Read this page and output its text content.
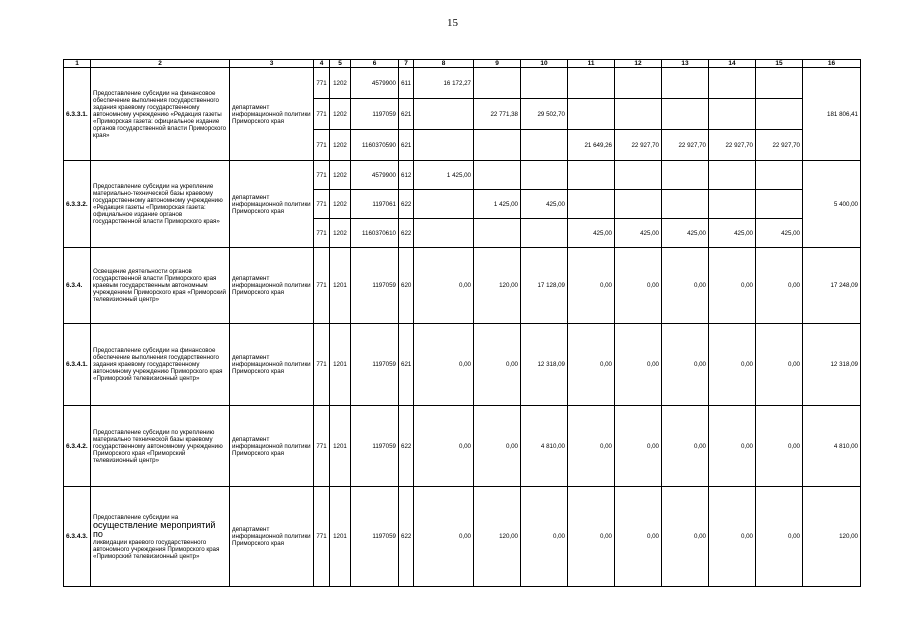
15
1	2	3	4	5	6	7	8	9	10	11	12	13	14	15	16
6.3.3.1.	Предоставление субсидии на финансовое обеспечение выполнения государственного задания краевому государственному автономному учреждению «Редакция газеты «Приморская газета: официальное издание органов государственной власти Приморского края»	департамент информационной политики Приморского края	771	1202	4579900	611	16 172,27								181 806,41
			771	1202	1197059	621		22 771,38	29 502,70						
			771	1202	1160370590	621				21 649,26	22 927,70	22 927,70	22 927,70	22 927,70	
6.3.3.2.	Предоставление субсидии на укрепление материально-технической базы краевому государственному автономному учреждению «Редакция газеты «Приморская газета: официальное издание органов государственной власти Приморского края»	департамент информационной политики Приморского края	771	1202	4579900	612	1 425,00								5 400,00
			771	1202	1197061	622		1 425,00	425,00						
			771	1202	1160370610	622				425,00	425,00	425,00	425,00	425,00	
6.3.4.	Освещение деятельности органов государственной власти Приморского края краевым государственным автономным учреждением Приморского края «Приморский телевизионный центр»	департамент информационной политики Приморского края	771	1201	1197059	620	0,00	120,00	17 128,09	0,00	0,00	0,00	0,00	0,00	17 248,09
6.3.4.1.	Предоставление субсидии на финансовое обеспечение выполнения государственного задания краевому государственному автономному учреждению Приморского края «Приморский телевизионный центр»	департамент информационной политики Приморского края	771	1201	1197059	621	0,00	0,00	12 318,09	0,00	0,00	0,00	0,00	0,00	12 318,09
6.3.4.2.	Предоставление субсидии по укреплению материально технической базы краевому государственному автономному учреждению Приморского края «Приморский телевизионный центр»	департамент информационной политики Приморского края	771	1201	1197059	622	0,00	0,00	4 810,00	0,00	0,00	0,00	0,00	0,00	4 810,00
6.3.4.3.	Предоставление субсидии на
осуществление мероприятий по
ликвидации краевого государственного автономного учреждения Приморского края «Приморский телевизионный центр»	департамент информационной политики Приморского края	771	1201	1197059	622	0,00	120,00	0,00	0,00	0,00	0,00	0,00	0,00	120,00
